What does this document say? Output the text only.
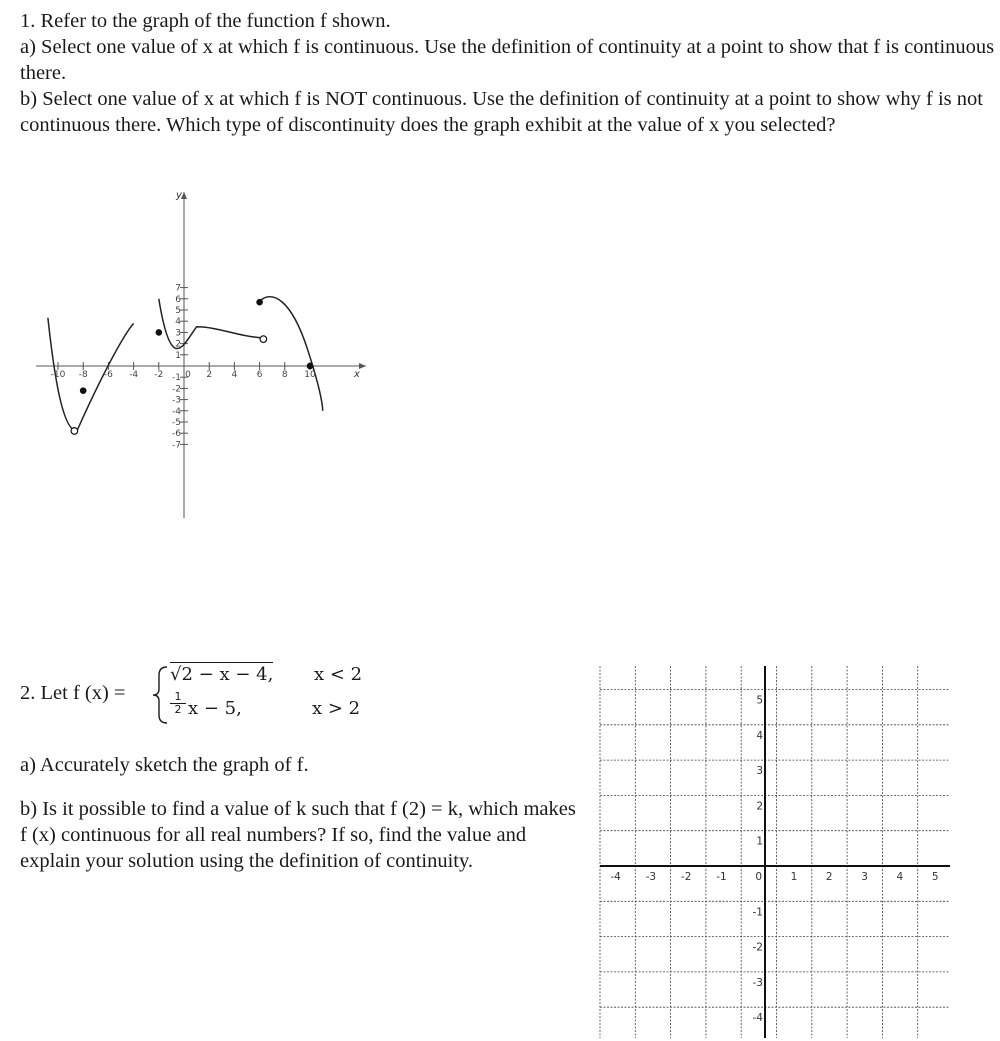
1. Refer to the graph of the function f shown.
a) Select one value of x at which f is continuous. Use the definition of continuity at a point to show that f is continuous there.
b) Select one value of x at which f is NOT continuous. Use the definition of continuity at a point to show why f is not continuous there. Which type of discontinuity does the graph exhibit at the value of x you selected?
-10 -8 -6 -4 -2 0 2 4 6 8 10
1
2
3
4
5
6
7
-1
-2
-3
-4
-5
-6
-7
x
y
2. Let f (x) =
√2 − x − 4, x < 2
$\frac{1}{2}$ x − 5,	x > 2

a) Accurately sketch the graph of f.

b) Is it possible to find a value of k such that f (2) = k, which makes f (x) continuous for all real numbers? If so, find the value and explain your solution using the definition of continuity.

-4 -3 -2 -1	0	1	2	3	4	5
5
4
3
2
1
-1
-2
-3
-4
